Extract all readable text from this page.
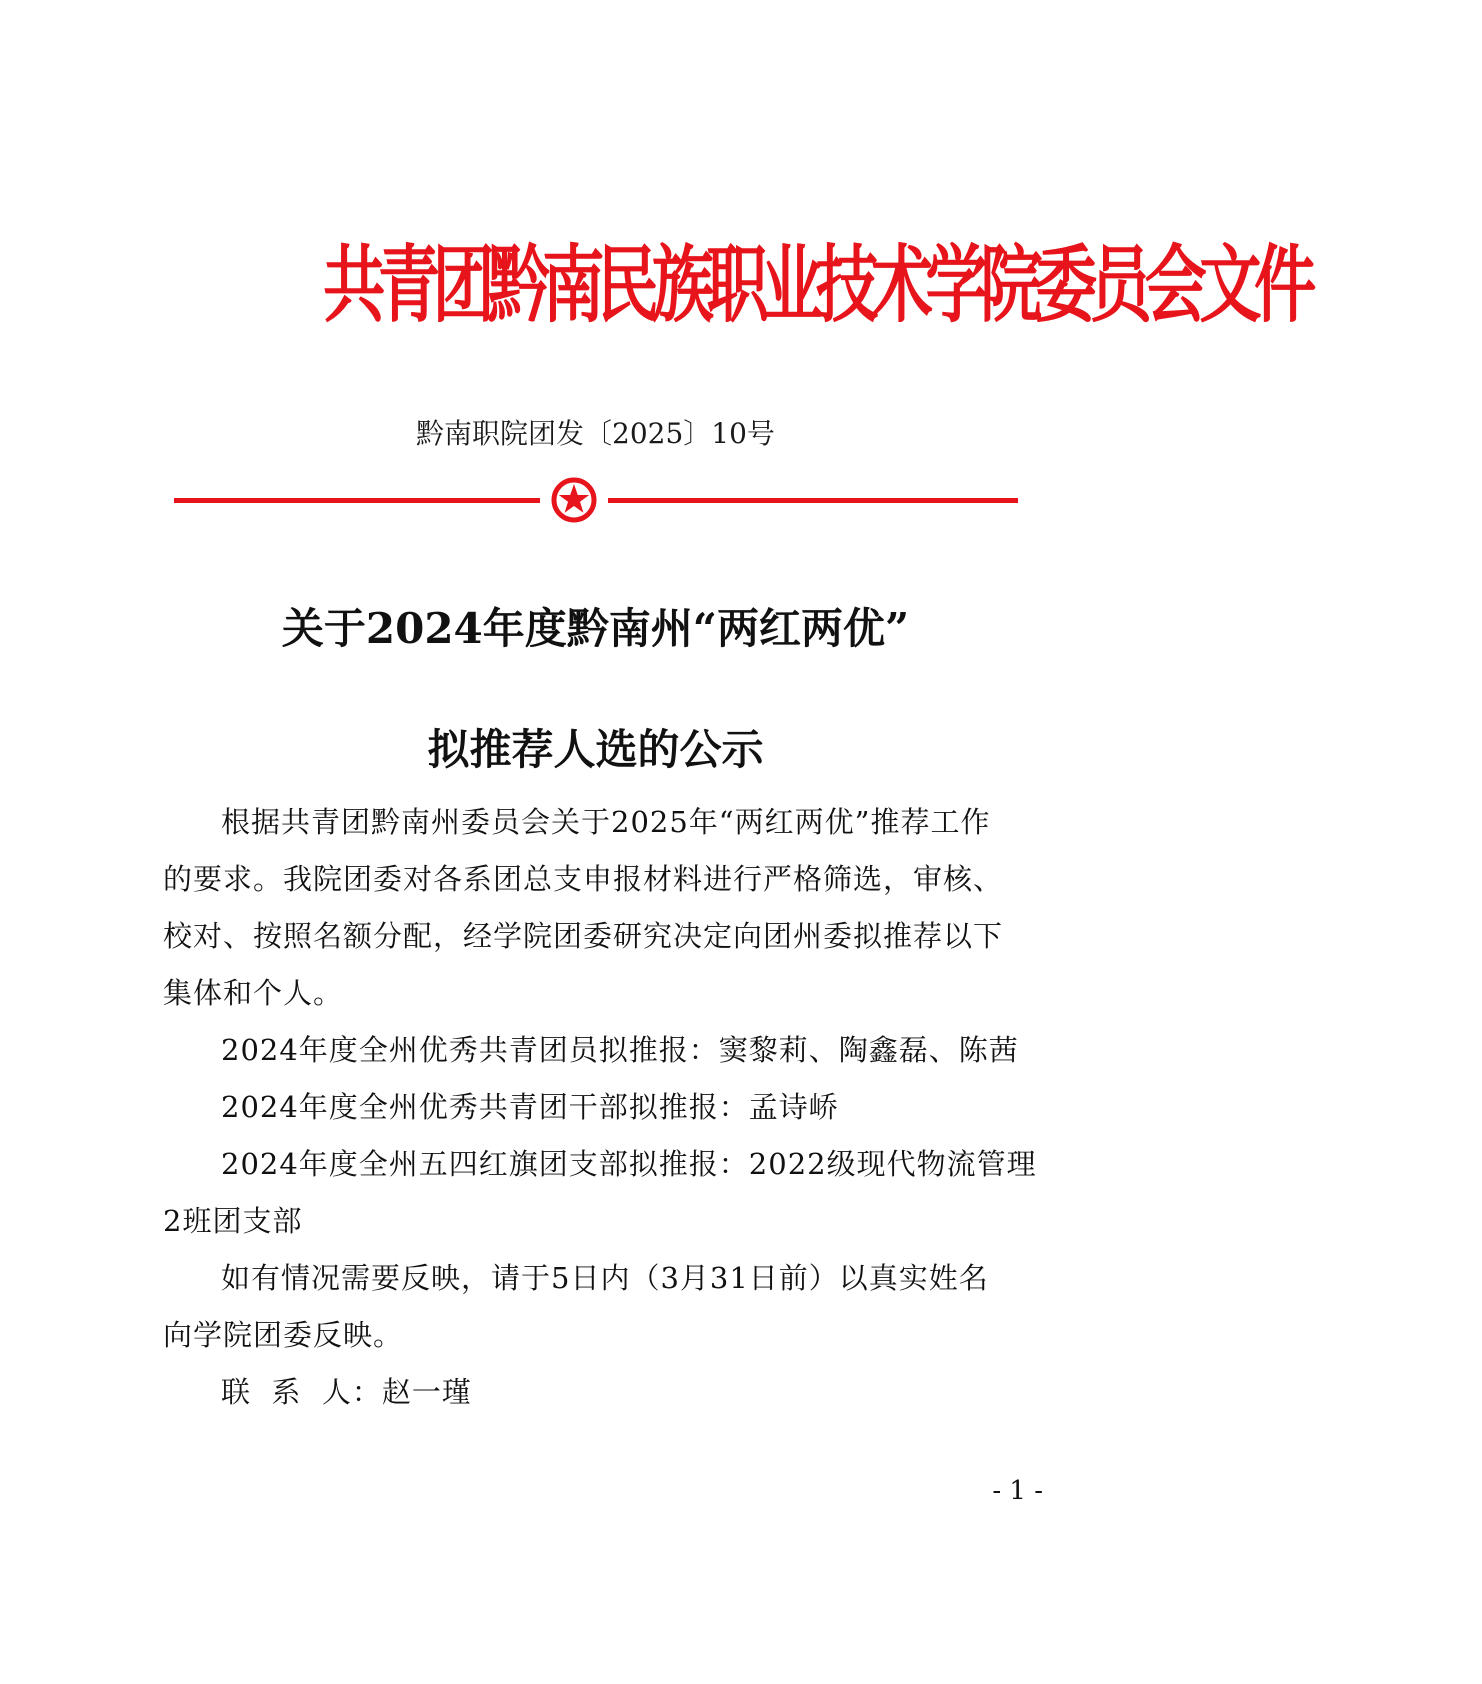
共青团黔南民族职业技术学院委员会文件
黔南职院团发〔2025〕10号
关于2024年度黔南州“两红两优”
拟推荐人选的公示
根据共青团黔南州委员会关于2025年“两红两优”推荐工作
的要求。我院团委对各系团总支申报材料进行严格筛选，审核、
校对、按照名额分配，经学院团委研究决定向团州委拟推荐以下
集体和个人。
2024年度全州优秀共青团员拟推报：窦黎莉、陶鑫磊、陈茜
2024年度全州优秀共青团干部拟推报：孟诗峤
2024年度全州五四红旗团支部拟推报：2022级现代物流管理
2班团支部
如有情况需要反映，请于5日内（3月31日前）以真实姓名
向学院团委反映。
联  系  人：赵一瑾
- 1 -
